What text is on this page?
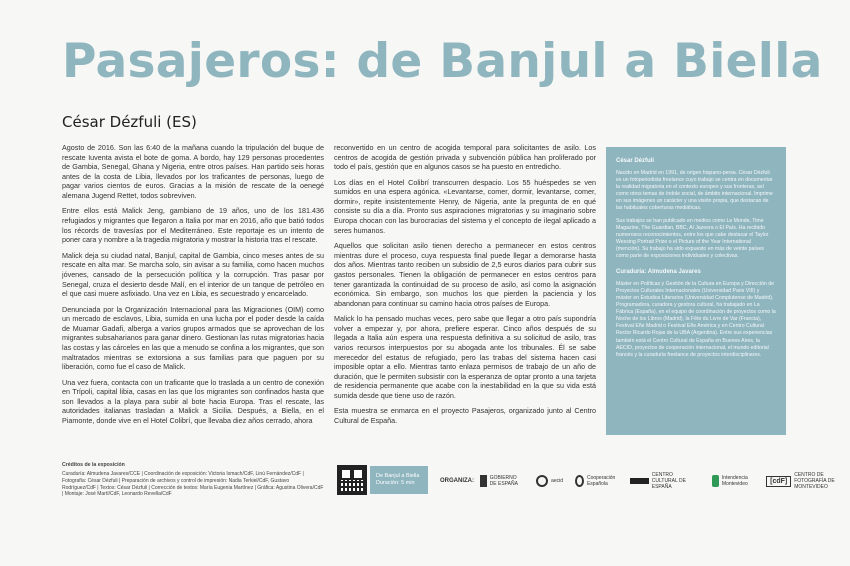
Pasajeros: de Banjul a Biella
César Dézfuli (ES)

Agosto de 2016. Son las 6:40 de la mañana cuando la tripulación del buque de rescate Iuventa avista el bote de goma. A bordo, hay 129 personas procedentes de Gambia, Senegal, Ghana y Nigeria, entre otros países. Han partido seis horas antes de la costa de Libia, llevados por los traficantes de personas, luego de pagar varios cientos de euros. Gracias a la misión de rescate de la oenegé alemana Jugend Rettet, todos sobreviven.

Entre ellos está Malick Jeng, gambiano de 19 años, uno de los 181.436 refugiados y migrantes que llegaron a Italia por mar en 2016, año que batió todos los récords de travesías por el Mediterráneo. Este reportaje es un intento de poner cara y nombre a la tragedia migratoria y mostrar la historia tras el rescate.

Malick deja su ciudad natal, Banjul, capital de Gambia, cinco meses antes de su rescate en alta mar. Se marcha solo, sin avisar a su familia, como hacen muchos jóvenes, cansado de la persecución política y la corrupción. Tras pasar por Senegal, cruza el desierto desde Malí, en el interior de un tanque de petróleo en el que casi muere asfixiado. Una vez en Libia, es secuestrado y encarcelado.

Denunciada por la Organización Internacional para las Migraciones (OIM) como un mercado de esclavos, Libia, sumida en una lucha por el poder desde la caída de Muamar Gadafi, alberga a varios grupos armados que se aprovechan de los migrantes subsaharianos para ganar dinero. Gestionan las rutas migratorias hacia las costas y las cárceles en las que a menudo se confina a los migrantes, que son maltratados mientras se extorsiona a sus familias para que paguen por su liberación, como fue el caso de Malick.

Una vez fuera, contacta con un traficante que lo traslada a un centro de conexión en Trípoli, capital libia, casas en las que los migrantes son confinados hasta que son llevados a la playa para subir al bote hacia Europa. Tras el rescate, las autoridades italianas trasladan a Malick a Sicilia. Después, a Biella, en el Piamonte, donde vive en el Hotel Colibrí, que llevaba diez años cerrado, ahora

reconvertido en un centro de acogida temporal para solicitantes de asilo. Los centros de acogida de gestión privada y subvención pública han proliferado por todo el país, gestión que en algunos casos se ha puesto en entredicho.

Los días en el Hotel Colibrí transcurren despacio. Los 55 huéspedes se ven sumidos en una espera agónica. «Levantarse, comer, dormir, levantarse, comer, dormir», repite insistentemente Henry, de Nigeria, ante la pregunta de en qué consiste su día a día. Pronto sus aspiraciones migratorias y su imaginario sobre Europa chocan con las burocracias del sistema y el concepto de ilegal aplicado a seres humanos.

Aquellos que solicitan asilo tienen derecho a permanecer en estos centros mientras dure el proceso, cuya respuesta final puede llegar a demorarse hasta dos años. Mientras tanto reciben un subsidio de 2,5 euros diarios para cubrir sus gastos personales. Tienen la obligación de permanecer en estos centros para tener garantizada la continuidad de su proceso de asilo, así como la asignación económica. Sin embargo, son muchos los que pierden la paciencia y los abandonan para continuar su camino hacia otros países de Europa.

Malick lo ha pensado muchas veces, pero sabe que llegar a otro país supondría volver a empezar y, por ahora, prefiere esperar. Cinco años después de su llegada a Italia aún espera una respuesta definitiva a su solicitud de asilo, tras varios recursos interpuestos por su abogada ante los tribunales. Él se sabe merecedor del estatus de refugiado, pero las trabas del sistema hacen casi imposible optar a ello. Mientras tanto enlaza permisos de trabajo de un año de duración, que le permiten subsistir con la esperanza de optar pronto a una tarjeta de residencia permanente que acabe con la inestabilidad en la que su vida está sumida desde que tiene uso de razón.

Esta muestra se enmarca en el proyecto Pasajeros, organizado junto al Centro Cultural de España.

César Dézfuli

Nacido en Madrid en 1991, de origen hispano-persa. César Dézfuli es un fotoperiodista freelance cuyo trabajo se centra en documentar la realidad migratoria en el contexto europeo y sus fronteras, así como otros temas de índole social, de ámbito internacional. Imprime en sus imágenes un carácter y una visión propia, que destacan de las habituales coberturas mediáticas.

Sus trabajos se han publicado en medios como Le Monde, Time Magazine, The Guardian, BBC, Al Jazeera o El País. Ha recibido numerosos reconocimientos, entre los que cabe destacar el Taylor Wessing Portrait Prize o el Picture of the Year International (mención). Su trabajo ha sido expuesto en más de veinte países como parte de exposiciones individuales y colectivas.

Curaduría: Almudena Javares

Máster en Políticas y Gestión de la Cultura en Europa y Dirección de Proyectos Culturales Internacionales (Universidad Paris VIII) y máster en Estudios Literarios (Universidad Complutense de Madrid). Programadora, curadora y gestora cultural, ha trabajado en La Fábrica (España), en el equipo de coordinación de proyectos como la Noche de los Libros (Madrid), la Fête du Livre de Var (Francia), Festival Eñe Madrid o Festival Eñe América y en Centro Cultural Rector Ricardo Rojas de la UBA (Argentina). Entre sus experiencias también está el Centro Cultural de España en Buenos Aires, la AECID, proyectos de cooperación internacional, el mundo editorial francés y la curaduría freelance de proyectos interdisciplinares.

Créditos de la exposición
Curaduría: Almudena Javares/CCE | Coordinación de exposición: Victoria Ismach/CdF, Linú Fernández/CdF | Fotografía: César Dézfuli | Preparación de archivos y control de impresión: Nadia Terkiel/CdF, Gustavo Rodríguez/CdF | Textos: César Dézfuli | Corrección de textos: María Eugenia Martínez | Gráfica: Agustina Olivera/CdF | Montaje: José Martí/CdF, Leonardo Revella/CdF
De Banjul a Biella
Duración: 5 min	ORGANIZA:	GOBIERNO DE ESPAÑA	aecid	Cooperación Española
CENTRO CULTURAL DE ESPAÑA
Intendencia Montevideo	[cdF]
CENTRO DE FOTOGRAFÍA DE MONTEVIDEO
